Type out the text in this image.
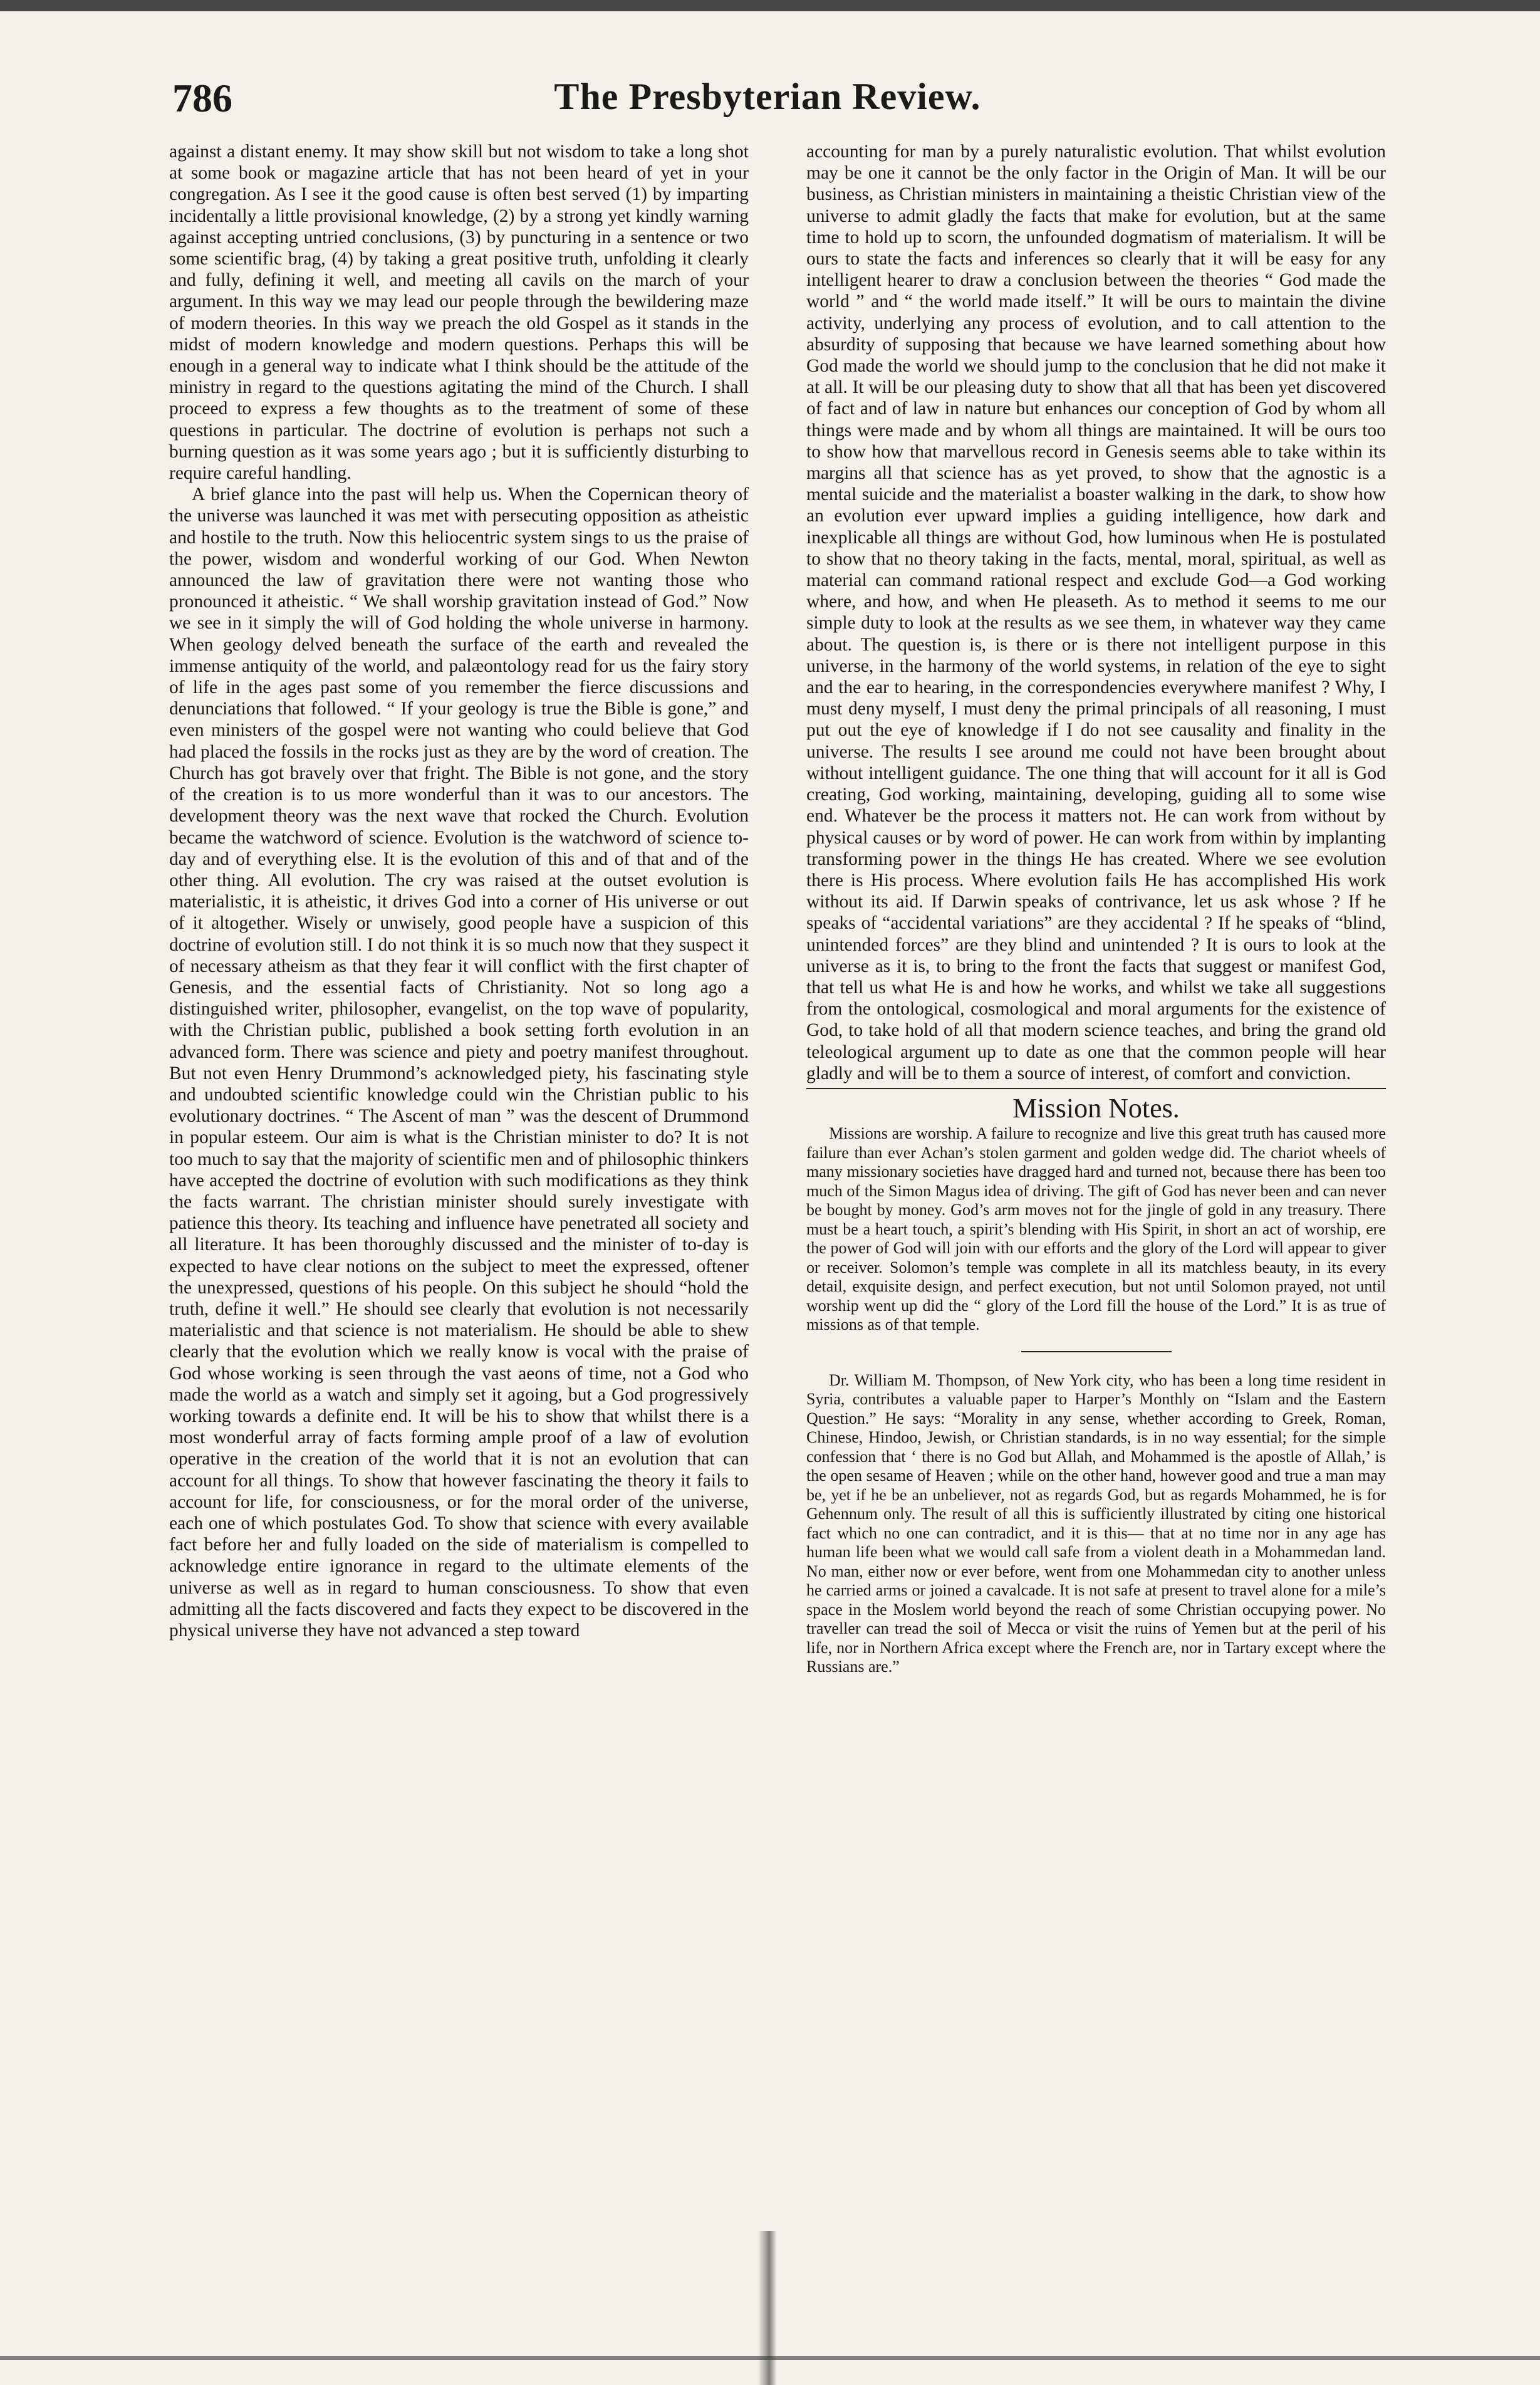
786	The Presbyterian Review.

against a distant enemy. It may show skill but not wisdom to take a long shot at some book or magazine article that has not been heard of yet in your congregation. As I see it the good cause is often best served (1) by imparting incidentally a little provisional knowledge, (2) by a strong yet kindly warning against accepting untried conclusions, (3) by puncturing in a sentence or two some scientific brag, (4) by taking a great positive truth, unfolding it clearly and fully, defining it well, and meeting all cavils on the march of your argument. In this way we may lead our people through the bewildering maze of modern theories. In this way we preach the old Gospel as it stands in the midst of modern knowledge and modern questions. Perhaps this will be enough in a general way to indicate what I think should be the attitude of the ministry in regard to the questions agitating the mind of the Church. I shall proceed to express a few thoughts as to the treatment of some of these questions in particular. The doctrine of evolution is perhaps not such a burning question as it was some years ago ; but it is sufficiently disturbing to require careful handling.

A brief glance into the past will help us. When the Copernican theory of the universe was launched it was met with persecuting opposition as atheistic and hostile to the truth. Now this heliocentric system sings to us the praise of the power, wisdom and wonderful working of our God. When Newton announced the law of gravitation there were not wanting those who pronounced it atheistic. “ We shall worship gravitation instead of God.” Now we see in it simply the will of God holding the whole universe in harmony. When geology delved beneath the surface of the earth and revealed the immense antiquity of the world, and palæontology read for us the fairy story of life in the ages past some of you remember the fierce discussions and denunciations that followed. “ If your geology is true the Bible is gone,” and even ministers of the gospel were not wanting who could believe that God had placed the fossils in the rocks just as they are by the word of creation. The Church has got bravely over that fright. The Bible is not gone, and the story of the creation is to us more wonderful than it was to our ancestors. The development theory was the next wave that rocked the Church. Evolution became the watchword of science. Evolution is the watchword of science to-day and of everything else. It is the evolution of this and of that and of the other thing. All evolution. The cry was raised at the outset evolution is materialistic, it is atheistic, it drives God into a corner of His universe or out of it altogether. Wisely or unwisely, good people have a suspicion of this doctrine of evolution still. I do not think it is so much now that they suspect it of necessary atheism as that they fear it will conflict with the first chapter of Genesis, and the essential facts of Christianity. Not so long ago a distinguished writer, philosopher, evangelist, on the top wave of popularity, with the Christian public, published a book setting forth evolution in an advanced form. There was science and piety and poetry manifest throughout. But not even Henry Drummond’s acknowledged piety, his fascinating style and undoubted scientific knowledge could win the Christian public to his evolutionary doctrines. “ The Ascent of man ” was the descent of Drummond in popular esteem. Our aim is what is the Christian minister to do? It is not too much to say that the majority of scientific men and of philosophic thinkers have accepted the doctrine of evolution with such modifications as they think the facts warrant. The christian minister should surely investigate with patience this theory. Its teaching and influence have penetrated all society and all literature. It has been thoroughly discussed and the minister of to-day is expected to have clear notions on the subject to meet the expressed, oftener the unexpressed, questions of his people. On this subject he should “hold the truth, define it well.” He should see clearly that evolution is not necessarily materialistic and that science is not materialism. He should be able to shew clearly that the evolution which we really know is vocal with the praise of God whose working is seen through the vast aeons of time, not a God who made the world as a watch and simply set it agoing, but a God progressively working towards a definite end. It will be his to show that whilst there is a most wonderful array of facts forming ample proof of a law of evolution operative in the creation of the world that it is not an evolution that can account for all things. To show that however fascinating the theory it fails to account for life, for consciousness, or for the moral order of the universe, each one of which postulates God. To show that science with every available fact before her and fully loaded on the side of materialism is compelled to acknowledge entire ignorance in regard to the ultimate elements of the universe as well as in regard to human consciousness. To show that even admitting all the facts discovered and facts they expect to be discovered in the physical universe they have not advanced a step toward

accounting for man by a purely naturalistic evolution. That whilst evolution may be one it cannot be the only factor in the Origin of Man. It will be our business, as Christian ministers in maintaining a theistic Christian view of the universe to admit gladly the facts that make for evolution, but at the same time to hold up to scorn, the unfounded dogmatism of materialism. It will be ours to state the facts and inferences so clearly that it will be easy for any intelligent hearer to draw a conclusion between the theories “ God made the world ” and “ the world made itself.” It will be ours to maintain the divine activity, underlying any process of evolution, and to call attention to the absurdity of supposing that because we have learned something about how God made the world we should jump to the conclusion that he did not make it at all. It will be our pleasing duty to show that all that has been yet discovered of fact and of law in nature but enhances our conception of God by whom all things were made and by whom all things are maintained. It will be ours too to show how that marvellous record in Genesis seems able to take within its margins all that science has as yet proved, to show that the agnostic is a mental suicide and the materialist a boaster walking in the dark, to show how an evolution ever upward implies a guiding intelligence, how dark and inexplicable all things are without God, how luminous when He is postulated to show that no theory taking in the facts, mental, moral, spiritual, as well as material can command rational respect and exclude God—a God working where, and how, and when He pleaseth. As to method it seems to me our simple duty to look at the results as we see them, in whatever way they came about. The question is, is there or is there not intelligent purpose in this universe, in the harmony of the world systems, in relation of the eye to sight and the ear to hearing, in the correspondencies everywhere manifest ? Why, I must deny myself, I must deny the primal principals of all reasoning, I must put out the eye of knowledge if I do not see causality and finality in the universe. The results I see around me could not have been brought about without intelligent guidance. The one thing that will account for it all is God creating, God working, maintaining, developing, guiding all to some wise end. Whatever be the process it matters not. He can work from without by physical causes or by word of power. He can work from within by implanting transforming power in the things He has created. Where we see evolution there is His process. Where evolution fails He has accomplished His work without its aid. If Darwin speaks of contrivance, let us ask whose ? If he speaks of “accidental variations” are they accidental ? If he speaks of “blind, unintended forces” are they blind and unintended ? It is ours to look at the universe as it is, to bring to the front the facts that suggest or manifest God, that tell us what He is and how he works, and whilst we take all suggestions from the ontological, cosmological and moral arguments for the existence of God, to take hold of all that modern science teaches, and bring the grand old teleological argument up to date as one that the common people will hear gladly and will be to them a source of interest, of comfort and conviction.

Mission Notes.

Missions are worship. A failure to recognize and live this great truth has caused more failure than ever Achan’s stolen garment and golden wedge did. The chariot wheels of many missionary societies have dragged hard and turned not, because there has been too much of the Simon Magus idea of driving. The gift of God has never been and can never be bought by money. God’s arm moves not for the jingle of gold in any treasury. There must be a heart touch, a spirit’s blending with His Spirit, in short an act of worship, ere the power of God will join with our efforts and the glory of the Lord will appear to giver or receiver. Solomon’s temple was complete in all its matchless beauty, in its every detail, exquisite design, and perfect execution, but not until Solomon prayed, not until worship went up did the “ glory of the Lord fill the house of the Lord.” It is as true of missions as of that temple.

Dr. William M. Thompson, of New York city, who has been a long time resident in Syria, contributes a valuable paper to Harper’s Monthly on “Islam and the Eastern Question.” He says: “Morality in any sense, whether according to Greek, Roman, Chinese, Hindoo, Jewish, or Christian standards, is in no way essential; for the simple confession that ‘ there is no God but Allah, and Mohammed is the apostle of Allah,’ is the open sesame of Heaven ; while on the other hand, however good and true a man may be, yet if he be an unbeliever, not as regards God, but as regards Mohammed, he is for Gehennum only. The result of all this is sufficiently illustrated by citing one historical fact which no one can contradict, and it is this— that at no time nor in any age has human life been what we would call safe from a violent death in a Mohammedan land. No man, either now or ever before, went from one Mohammedan city to another unless he carried arms or joined a cavalcade. It is not safe at present to travel alone for a mile’s space in the Moslem world beyond the reach of some Christian occupying power. No traveller can tread the soil of Mecca or visit the ruins of Yemen but at the peril of his life, nor in Northern Africa except where the French are, nor in Tartary except where the Russians are.”
